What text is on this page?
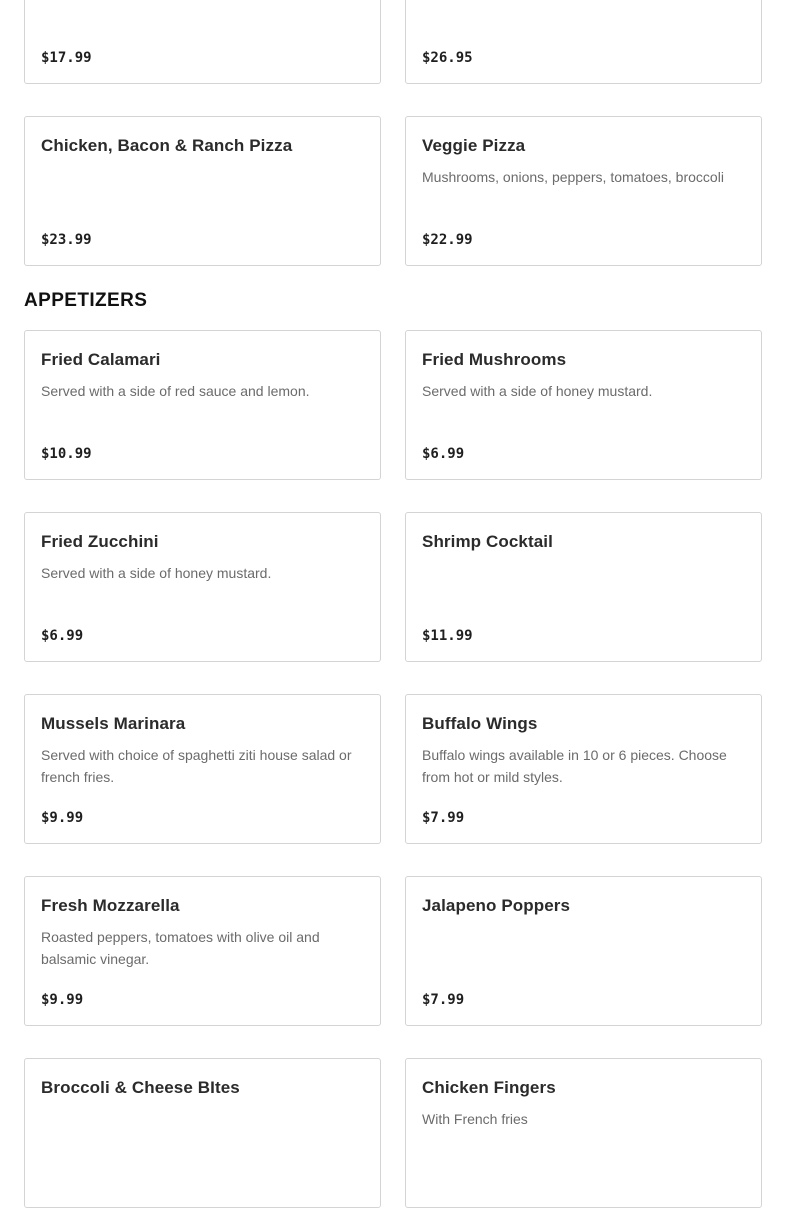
$17.99	$26.95
Chicken, Bacon & Ranch Pizza
$23.99
Veggie Pizza
Mushrooms, onions, peppers, tomatoes, broccoli
$22.99
APPETIZERS
Fried Calamari
Served with a side of red sauce and lemon.
$10.99
Fried Mushrooms
Served with a side of honey mustard.
$6.99
Fried Zucchini
Served with a side of honey mustard.
$6.99
Shrimp Cocktail
$11.99
Mussels Marinara
Served with choice of spaghetti ziti house salad or french fries.
$9.99
Buffalo Wings
Buffalo wings available in 10 or 6 pieces. Choose from hot or mild styles.
$7.99
Fresh Mozzarella
Roasted peppers, tomatoes with olive oil and balsamic vinegar.
$9.99
Jalapeno Poppers
$7.99
Broccoli & Cheese BItes	Chicken Fingers
With French fries
